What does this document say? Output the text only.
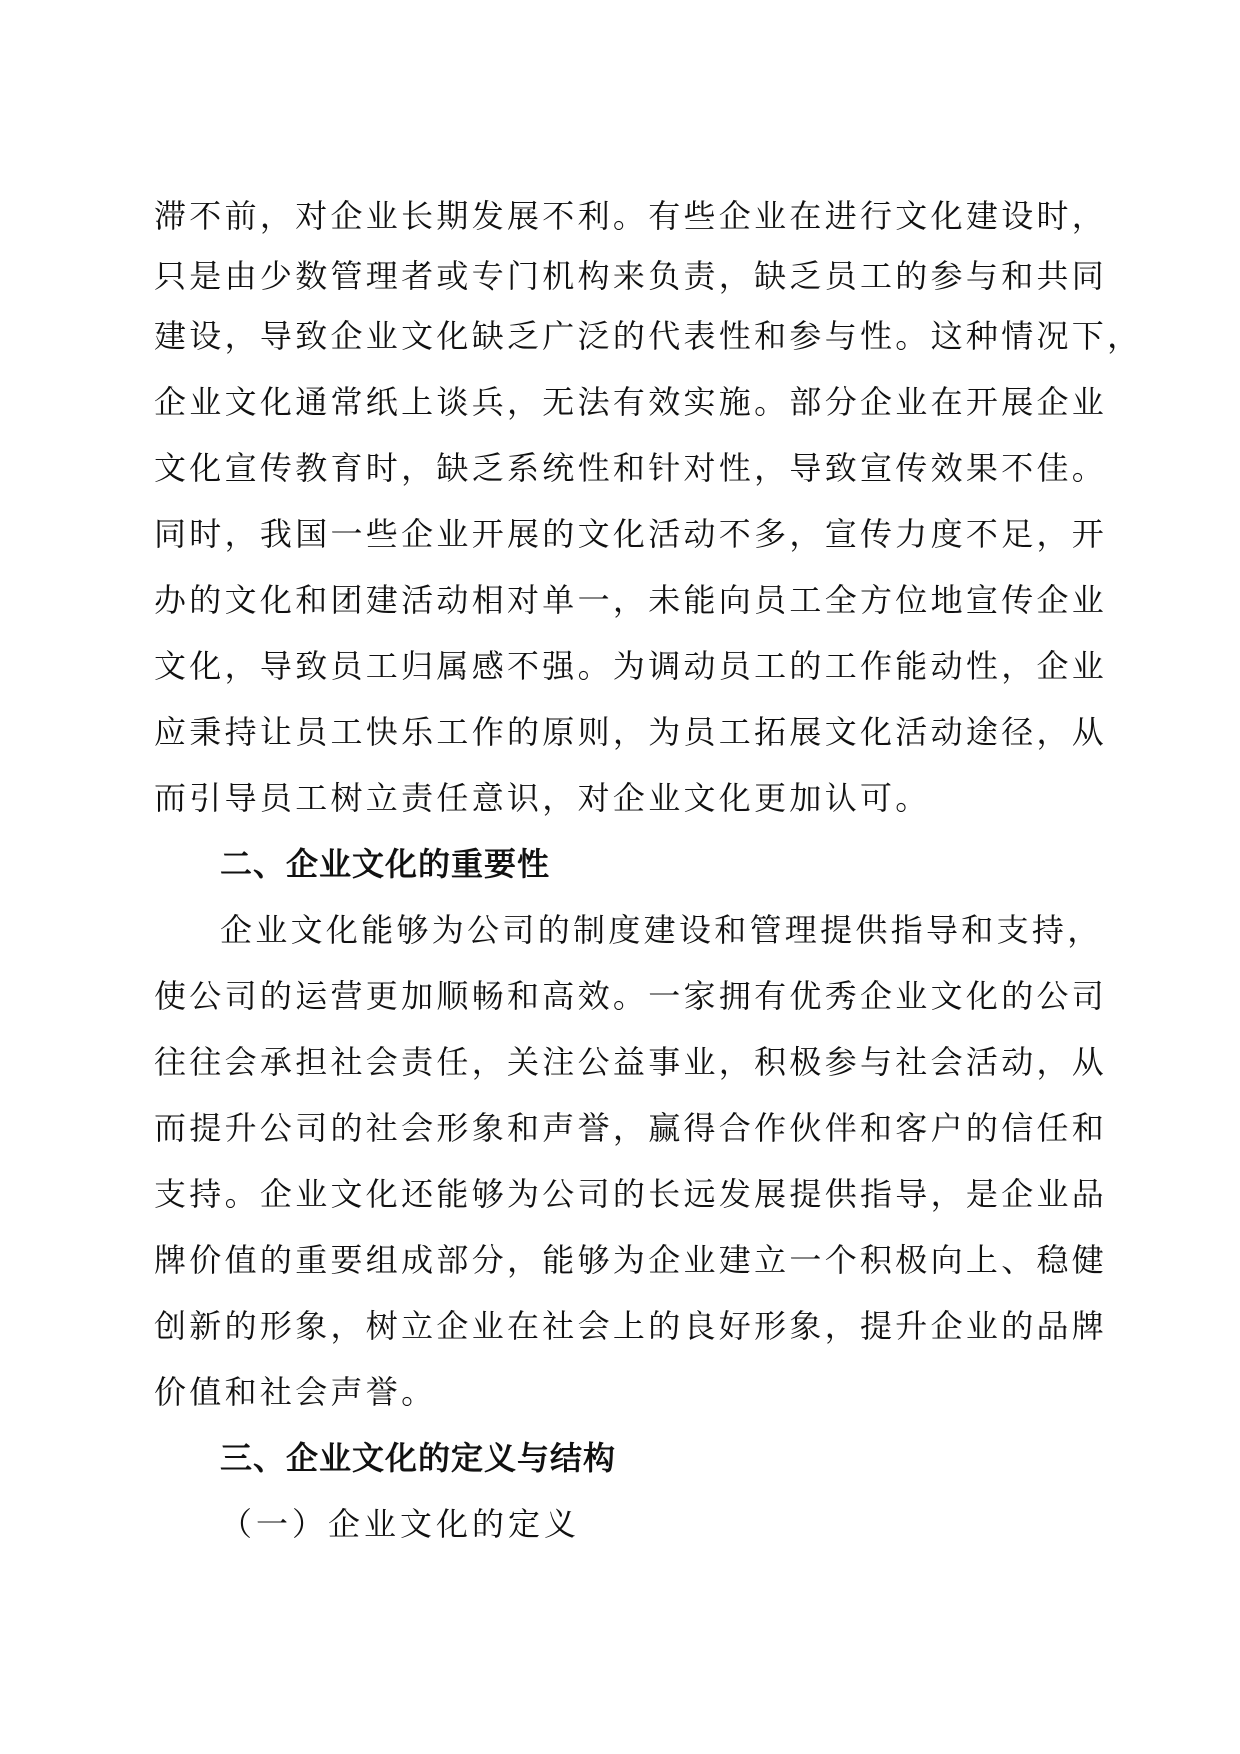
滞不前，对企业长期发展不利。有些企业在进行文化建设时，
只是由少数管理者或专门机构来负责，缺乏员工的参与和共同
建设，导致企业文化缺乏广泛的代表性和参与性。这种情况下，
企业文化通常纸上谈兵，无法有效实施。部分企业在开展企业
文化宣传教育时，缺乏系统性和针对性，导致宣传效果不佳。
同时，我国一些企业开展的文化活动不多，宣传力度不足，开
办的文化和团建活动相对单一，未能向员工全方位地宣传企业
文化，导致员工归属感不强。为调动员工的工作能动性，企业
应秉持让员工快乐工作的原则，为员工拓展文化活动途径，从
而引导员工树立责任意识，对企业文化更加认可。
二、企业文化的重要性
企业文化能够为公司的制度建设和管理提供指导和支持，
使公司的运营更加顺畅和高效。一家拥有优秀企业文化的公司
往往会承担社会责任，关注公益事业，积极参与社会活动，从
而提升公司的社会形象和声誉，赢得合作伙伴和客户的信任和
支持。企业文化还能够为公司的长远发展提供指导，是企业品
牌价值的重要组成部分，能够为企业建立一个积极向上、稳健
创新的形象，树立企业在社会上的良好形象，提升企业的品牌
价值和社会声誉。
三、企业文化的定义与结构
（一）企业文化的定义
